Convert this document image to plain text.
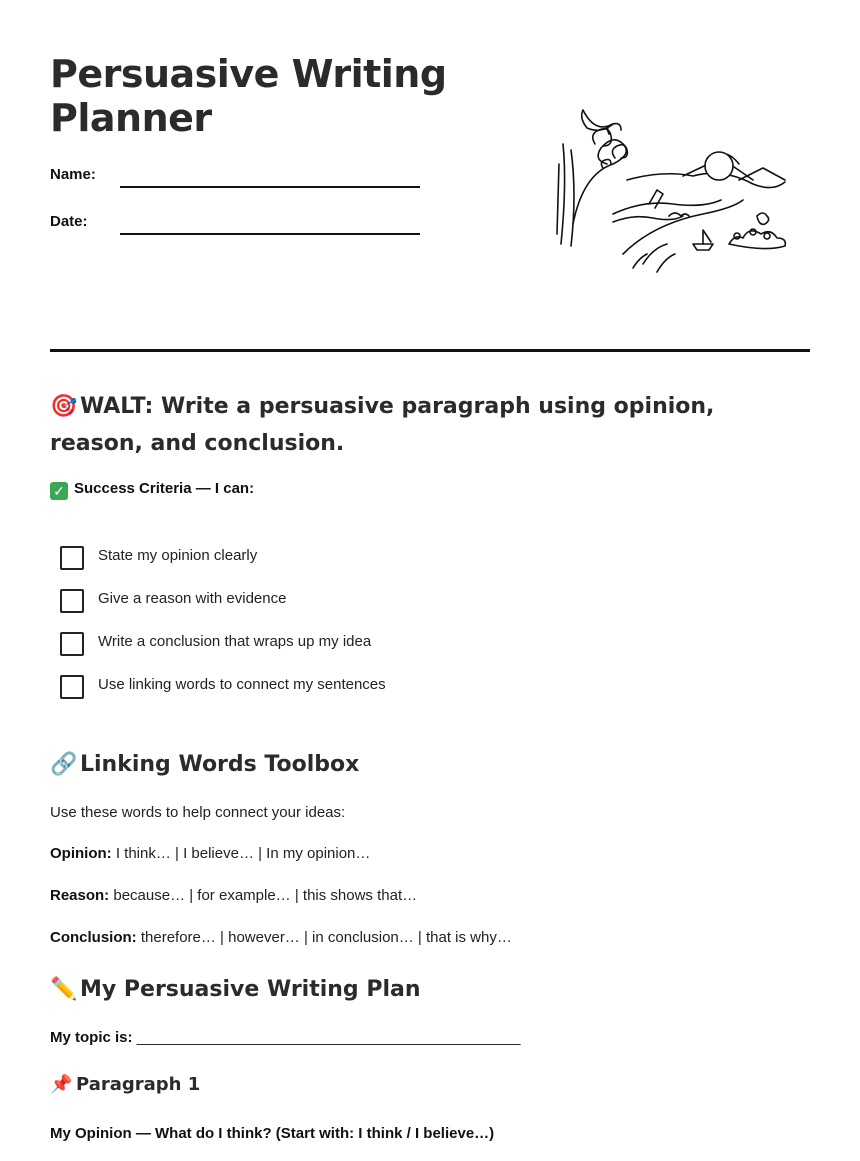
Persuasive Writing Planner
Name:
Date:
🎯 WALT: Write a persuasive paragraph using opinion, reason, and conclusion.
✓ Success Criteria — I can:
State my opinion clearly
Give a reason with evidence
Write a conclusion that wraps up my idea
Use linking words to connect my sentences
🔗 Linking Words Toolbox
Use these words to help connect your ideas:
Opinion: I think… | I believe… | In my opinion…
Reason: because… | for example… | this shows that…
Conclusion: therefore… | however… | in conclusion… | that is why…
✏️ My Persuasive Writing Plan
My topic is: ______________________________________________
📌 Paragraph 1
My Opinion — What do I think? (Start with: I think / I believe…)
